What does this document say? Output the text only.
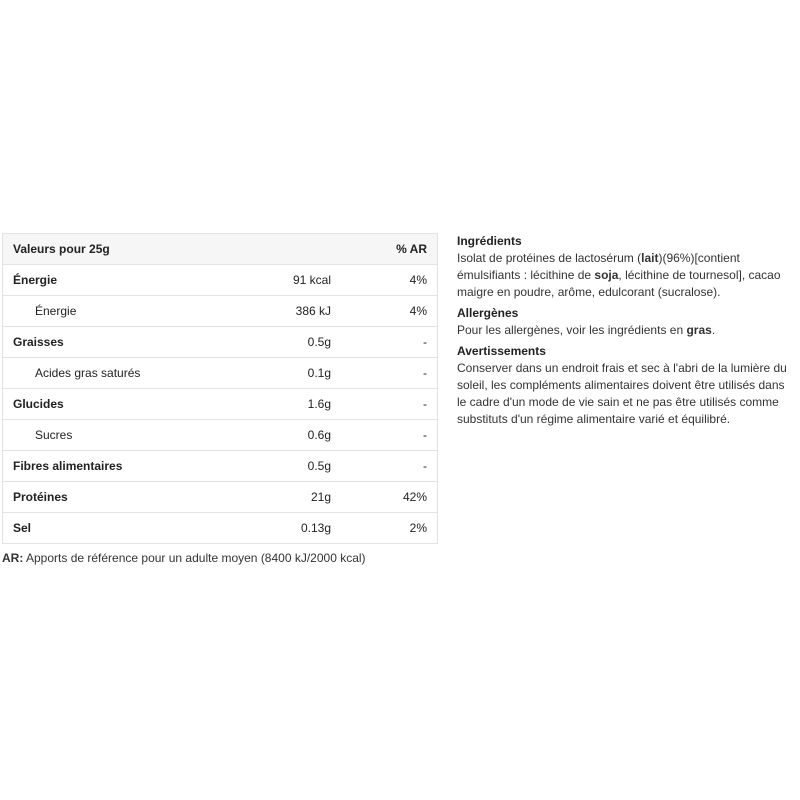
Valeurs pour 25g		% AR
Énergie	91 kcal	4%
Énergie	386 kJ	4%
Graisses	0.5g	-
Acides gras saturés	0.1g	-
Glucides	1.6g	-
Sucres	0.6g	-
Fibres alimentaires	0.5g	-
Protéines	21g	42%
Sel	0.13g	2%
AR: Apports de référence pour un adulte moyen (8400 kJ/2000 kcal)
Ingrédients

Isolat de protéines de lactosérum (lait)(96%)[contient émulsifiants : lécithine de soja, lécithine de tournesol], cacao maigre en poudre, arôme, edulcorant (sucralose).

Allergènes

Pour les allergènes, voir les ingrédients en gras.

Avertissements

Conserver dans un endroit frais et sec à l'abri de la lumière du soleil, les compléments alimentaires doivent être utilisés dans le cadre d'un mode de vie sain et ne pas être utilisés comme substituts d'un régime alimentaire varié et équilibré.
